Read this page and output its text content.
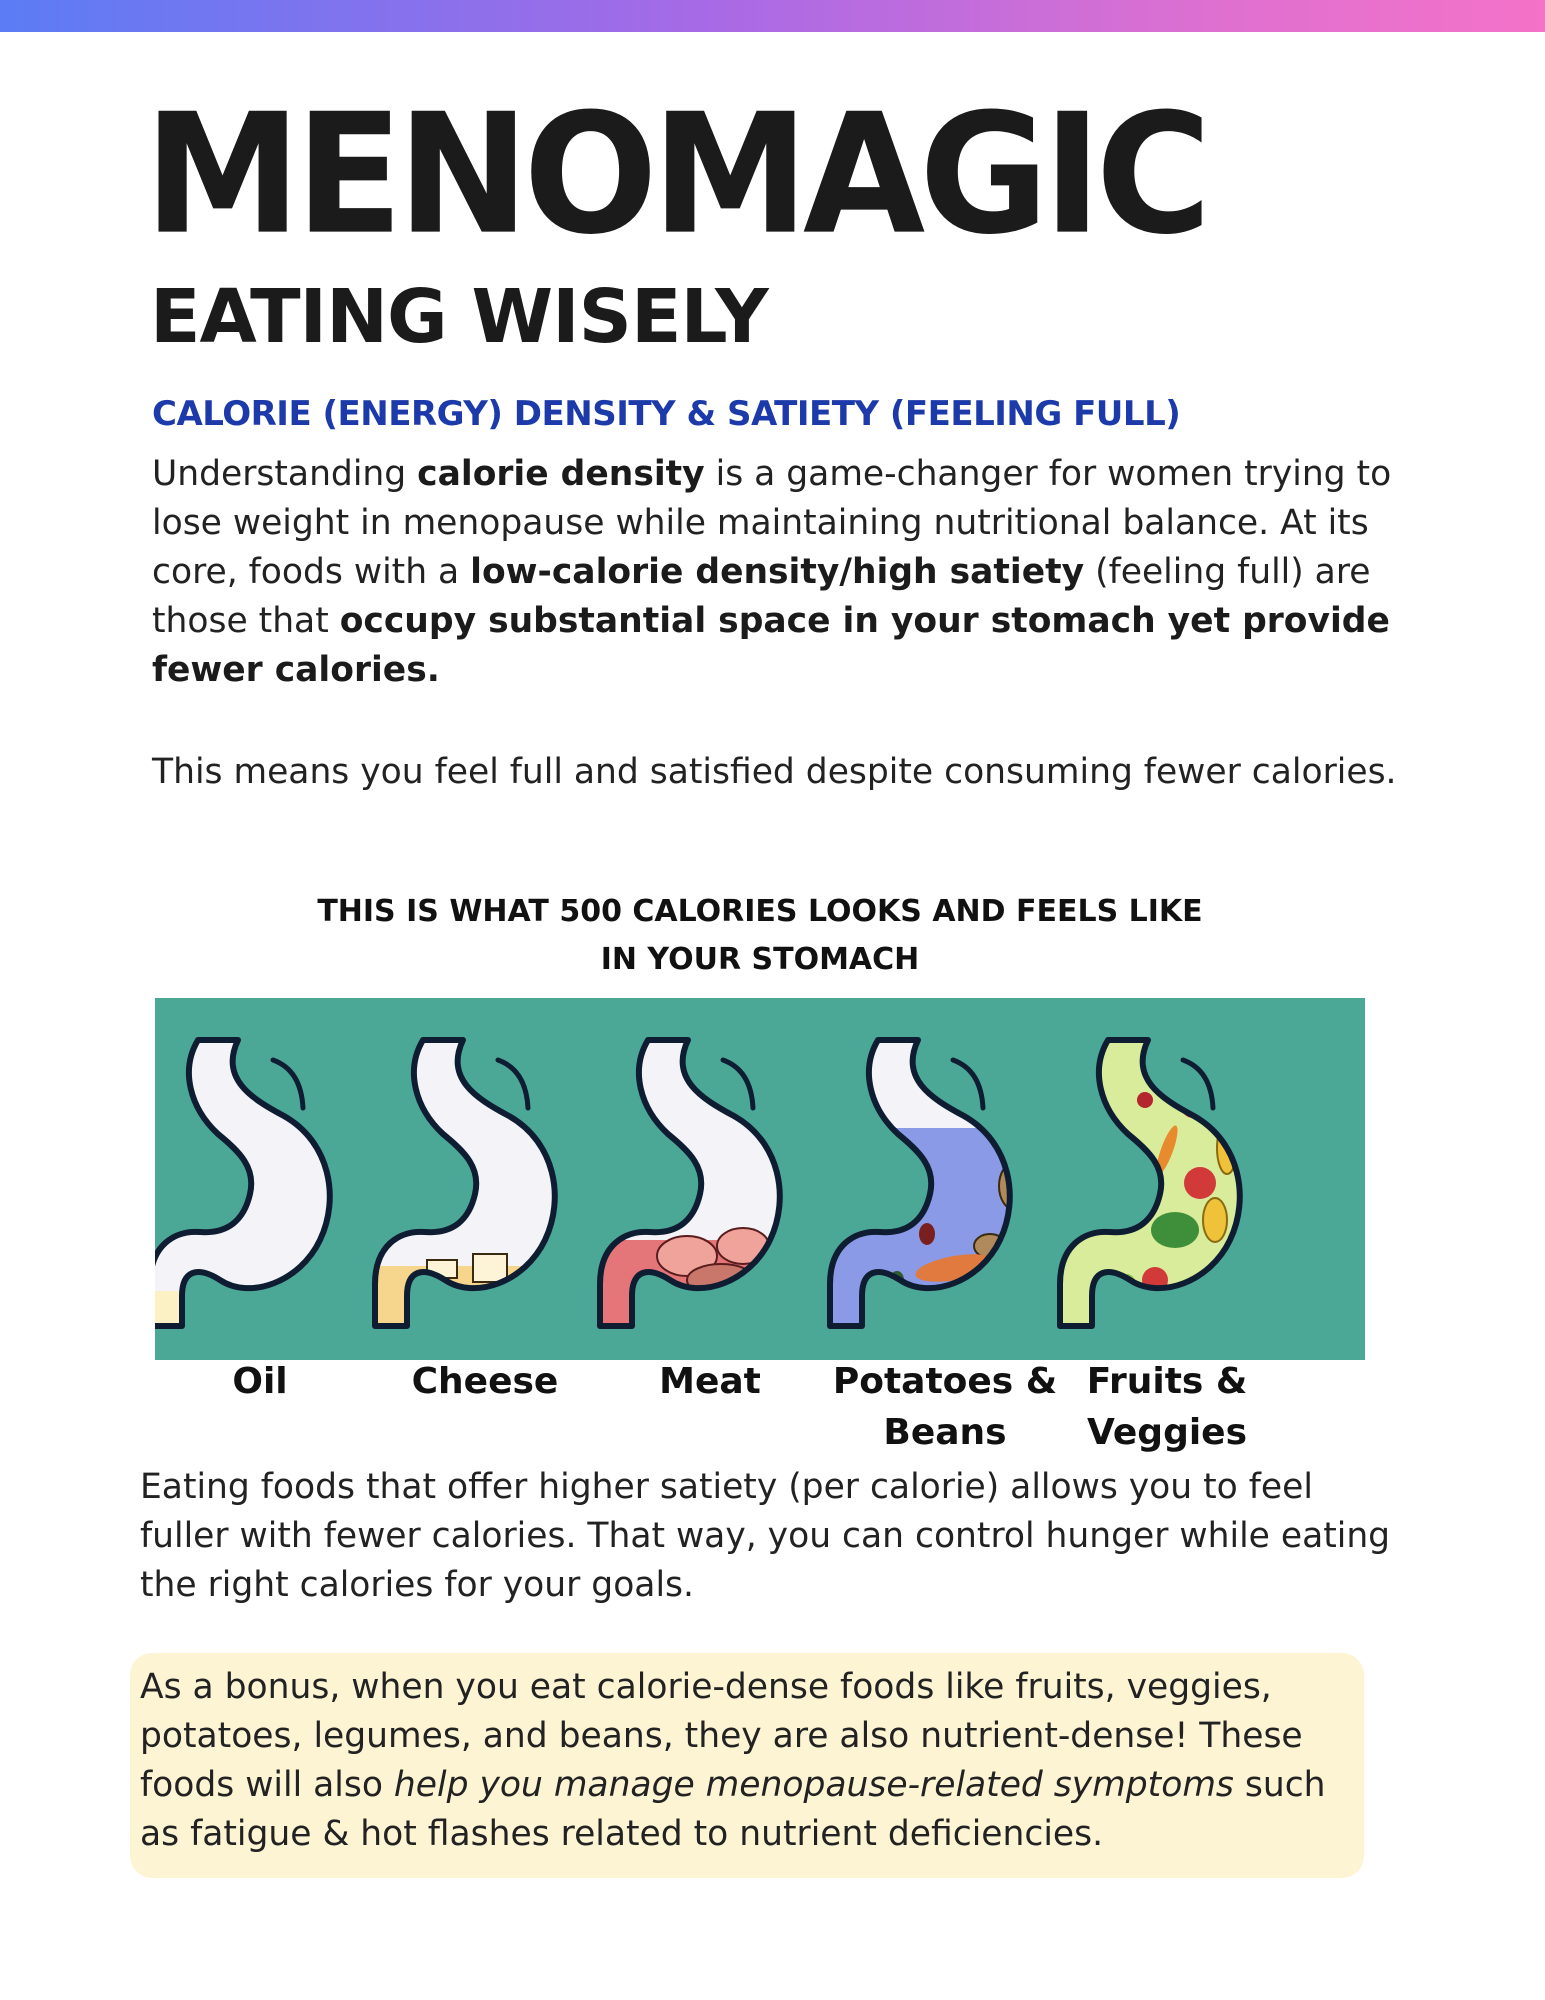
MENOMAGIC
EATING WISELY
CALORIE (ENERGY) DENSITY & SATIETY (FEELING FULL)

Understanding calorie density is a game-changer for women trying to lose weight in menopause while maintaining nutritional balance. At its core, foods with a low-calorie density/high satiety (feeling full) are those that occupy substantial space in your stomach yet provide fewer calories.

This means you feel full and satisfied despite consuming fewer calories.

THIS IS WHAT 500 CALORIES LOOKS AND FEELS LIKE
IN YOUR STOMACH

Oil	Cheese	Meat	Potatoes & Beans

Fruits & Veggies

Eating foods that offer higher satiety (per calorie) allows you to feel fuller with fewer calories. That way, you can control hunger while eating the right calories for your goals.

As a bonus, when you eat calorie-dense foods like fruits, veggies, potatoes, legumes, and beans, they are also nutrient-dense! These foods will also help you manage menopause-related symptoms such as fatigue & hot flashes related to nutrient deficiencies.
